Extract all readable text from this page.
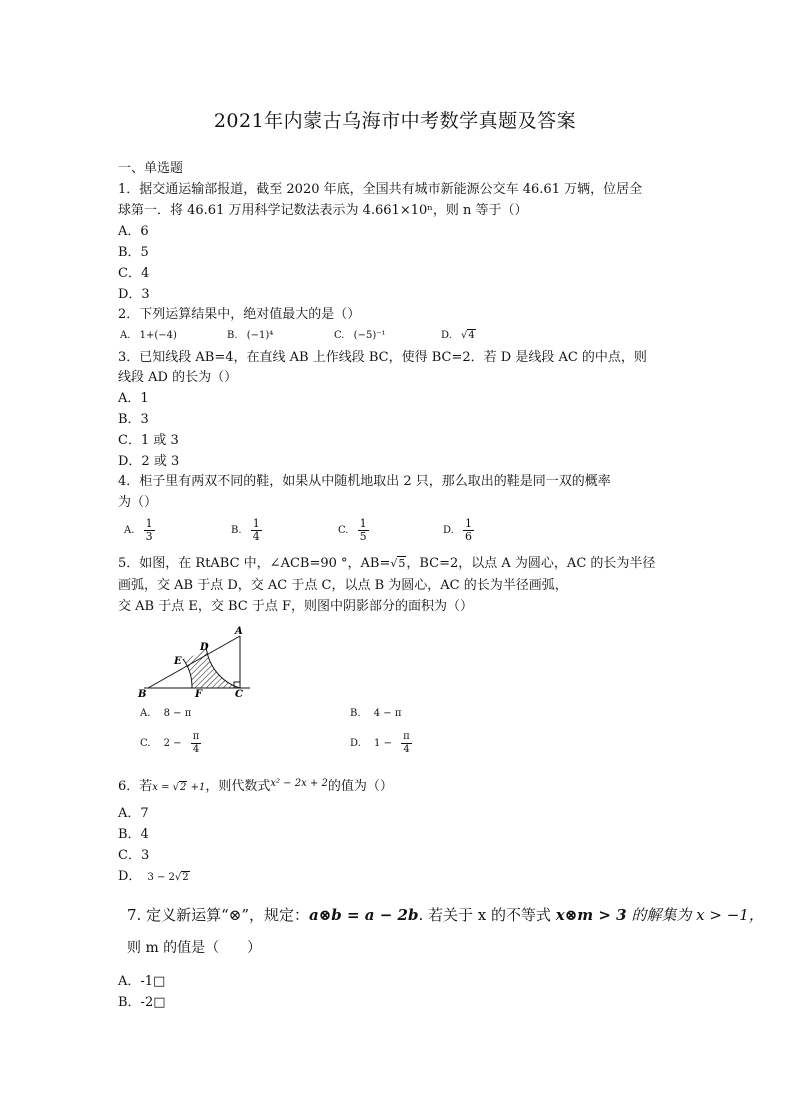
2021年内蒙古乌海市中考数学真题及答案
一、单选题
1．据交通运输部报道，截至 2020 年底，全国共有城市新能源公交车 46.61 万辆，位居全
球第一．将 46.61 万用科学记数法表示为 4.661×10ⁿ，则 n 等于（）
A．6
B．5
C．4
D．3
2．下列运算结果中，绝对值最大的是（）
A. 1+(−4)	B. (−1)⁴	C. (−5)⁻¹	D. √4
3．已知线段 AB=4，在直线 AB 上作线段 BC，使得 BC=2．若 D 是线段 AC 的中点，则
线段 AD 的长为（）
A．1
B．3
C．1 或 3
D．2 或 3
4．柜子里有两双不同的鞋，如果从中随机地取出 2 只，那么取出的鞋是同一双的概率
为（）
A. $\frac{1}{3}$	B. $\frac{1}{4}$	C. $\frac{1}{5}$	D. $\frac{1}{6}$
5．如图，在 RtABC 中，∠ACB=90 °，AB=√5，BC=2，以点 A 为圆心，AC 的长为半径
画弧，交 AB 于点 D，交 AC 于点 C，以点 B 为圆心，AC 的长为半径画弧，
交 AB 于点 E，交 BC 于点 F，则图中阴影部分的面积为（）
A
B	C
D
E
F
A. 8 − π	B. 4 − π
C. $2 - \frac{\pi}{4}$	D. $1 - \frac{\pi}{4}$
6．若x = √2 +1，则代数式$^{x^2 - 2x + 2}$的值为（）
A．7
B．4
C．3
D． 3 − 2√2
7. 定义新运算“⊗”，规定：a⊗b = a − 2b. 若关于 x 的不等式 x⊗m > 3 的解集为 x > −1，
则 m 的值是（　　）
A．-1□
B．-2□
